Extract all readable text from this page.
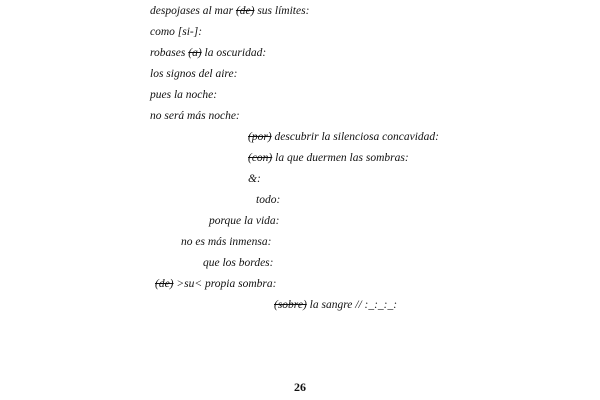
despojases al mar (de) sus límites:
como [si-]:
robases (a) la oscuridad:
los signos del aire:
pues la noche:
no será más noche:
(por) descubrir la silenciosa concavidad:
(con) la que duermen las sombras:
&:
todo:
porque la vida:
no es más inmensa:
que los bordes:
(de) >su< propia sombra:
(sobre) la sangre // :_:_:_:
26
